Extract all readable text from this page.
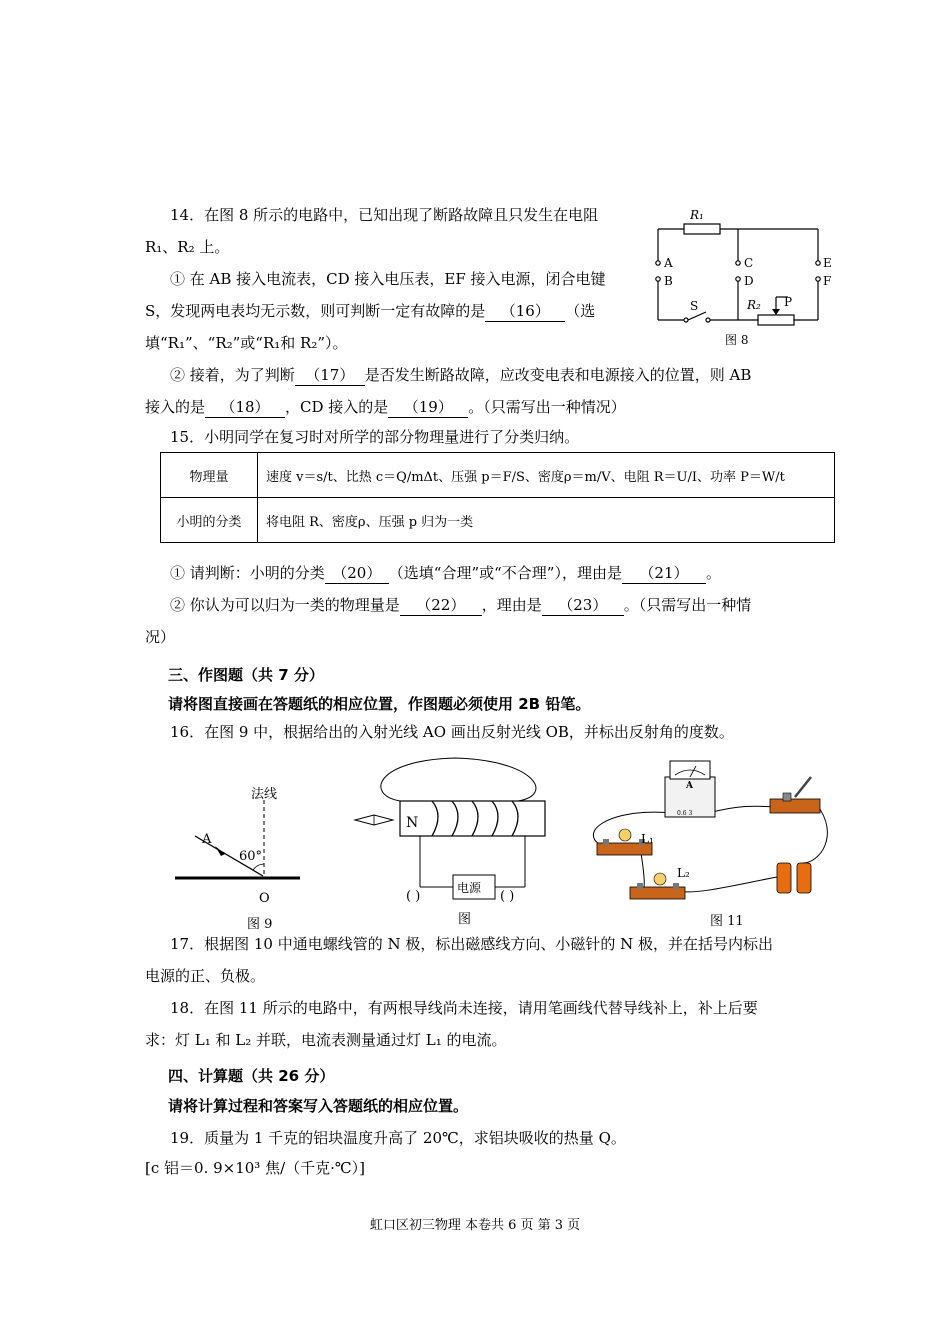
14．在图 8 所示的电路中，已知出现了断路故障且只发生在电阻
R₁、R₂ 上。
① 在 AB 接入电流表，CD 接入电压表，EF 接入电源，闭合电键
S，发现两电表均无示数，则可判断一定有故障的是 （16） （选
填“R₁”、“R₂”或“R₁和 R₂”）。
② 接着，为了判断 （17） 是否发生断路故障，应改变电表和电源接入的位置，则 AB
接入的是 （18） ，CD 接入的是 （19） 。（只需写出一种情况）
R₁
A
B
C
D
E
F
S	R₂ P
图 8
15．小明同学在复习时对所学的部分物理量进行了分类归纳。
物理量	速度 v＝s/t、比热 c＝Q/mΔt、压强 p＝F/S、密度ρ＝m/V、电阻 R＝U/I、功率 P＝W/t
小明的分类	将电阻 R、密度ρ、压强 p 归为一类
① 请判断：小明的分类 （20） （选填“合理”或“不合理”），理由是 （21） 。
② 你认为可以归为一类的物理量是 （22） ，理由是 （23） 。（只需写出一种情
况）
三、作图题（共 7 分）
请将图直接画在答题纸的相应位置，作图题必须使用 2B 铅笔。
16．在图 9 中，根据给出的入射光线 AO 画出反射光线 OB，并标出反射角的度数。
法线
A
60°
O
图 9
N
电源
( )	( )
图
A
0.6 3
L₁
L₂
图 11
17．根据图 10 中通电螺线管的 N 极，标出磁感线方向、小磁针的 N 极，并在括号内标出
电源的正、负极。
18．在图 11 所示的电路中，有两根导线尚未连接，请用笔画线代替导线补上，补上后要
求：灯 L₁ 和 L₂ 并联，电流表测量通过灯 L₁ 的电流。
四、计算题（共 26 分）
请将计算过程和答案写入答题纸的相应位置。
19．质量为 1 千克的铝块温度升高了 20℃，求铝块吸收的热量 Q。
[c 铝＝0. 9×10³ 焦/（千克·℃）]
虹口区初三物理 本卷共 6 页 第 3 页
